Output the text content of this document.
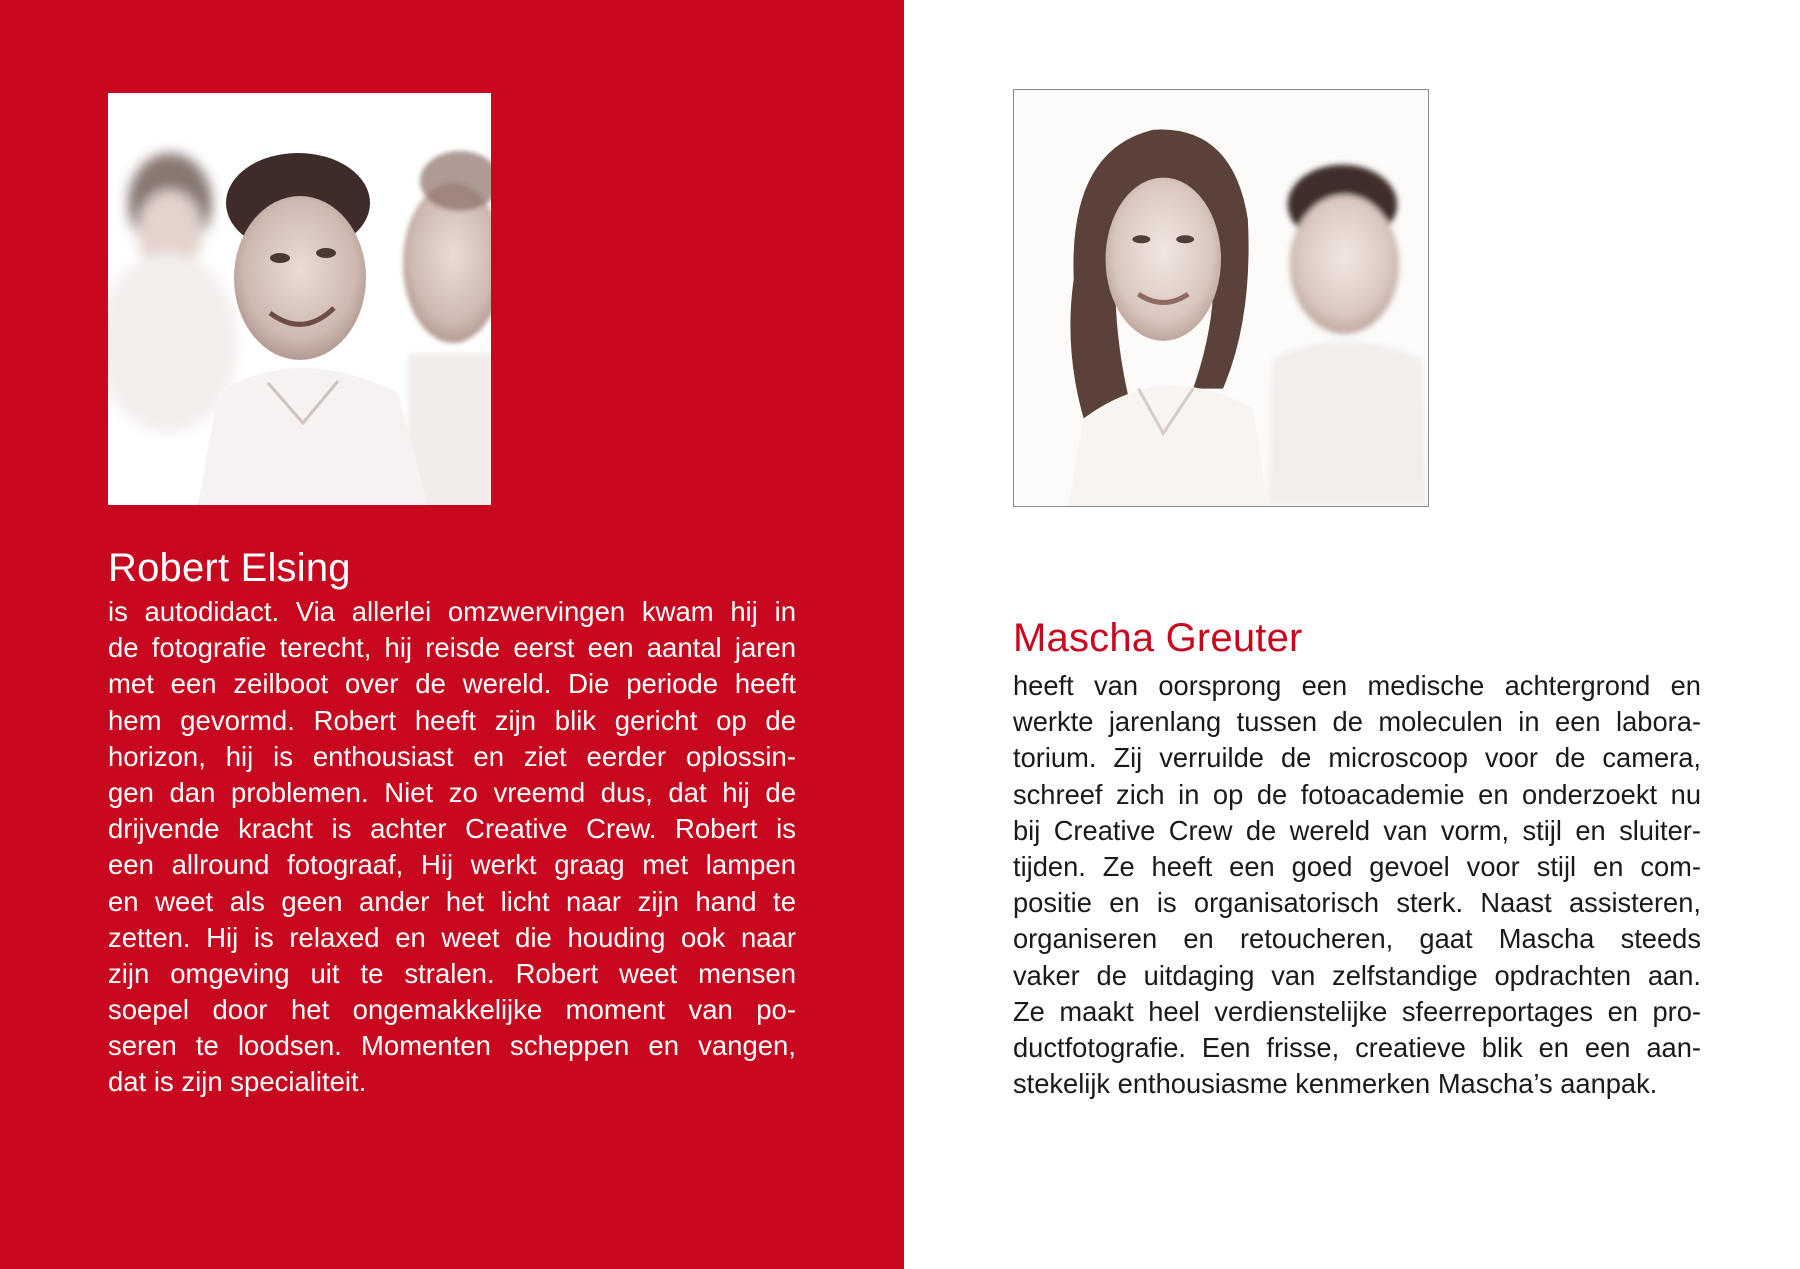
Robert Elsing
is autodidact. Via allerlei omzwervingen kwam hij in
de fotografie terecht, hij reisde eerst een aantal jaren
met een zeilboot over de wereld. Die periode heeft
hem gevormd. Robert heeft zijn blik gericht op de
horizon, hij is enthousiast en ziet eerder oplossin-
gen dan problemen. Niet zo vreemd dus, dat hij de
drijvende kracht is achter Creative Crew. Robert is
een allround fotograaf, Hij werkt graag met lampen
en weet als geen ander het licht naar zijn hand te
zetten. Hij is relaxed en weet die houding ook naar
zijn omgeving uit te stralen. Robert weet mensen
soepel door het ongemakkelijke moment van po-
seren te loodsen. Momenten scheppen en vangen,
dat is zijn specialiteit.
Mascha Greuter
heeft van oorsprong een medische achtergrond en
werkte jarenlang tussen de moleculen in een labora-
torium. Zij verruilde de microscoop voor de camera,
schreef zich in op de fotoacademie en onderzoekt nu
bij Creative Crew de wereld van vorm, stijl en sluiter-
tijden. Ze heeft een goed gevoel voor stijl en com-
positie en is organisatorisch sterk. Naast assisteren,
organiseren en retoucheren, gaat Mascha steeds
vaker de uitdaging van zelfstandige opdrachten aan.
Ze maakt heel verdienstelijke sfeerreportages en pro-
ductfotografie. Een frisse, creatieve blik en een aan-
stekelijk enthousiasme kenmerken Mascha’s aanpak.
